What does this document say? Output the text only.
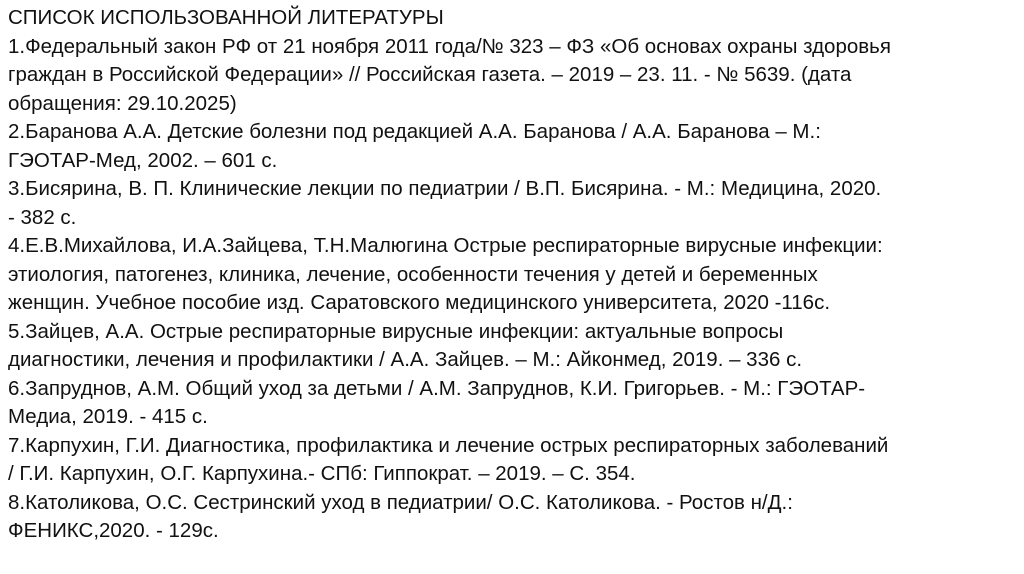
СПИСОК ИСПОЛЬЗОВАННОЙ ЛИТЕРАТУРЫ
1.Федеральный закон РФ от 21 ноября 2011 года/№ 323 – ФЗ «Об основах охраны здоровья
граждан в Российской Федерации» // Российская газета. – 2019 – 23. 11. - № 5639. (дата
обращения: 29.10.2025)
2.Баранова А.А. Детские болезни под редакцией А.А. Баранова / А.А. Баранова – М.:
ГЭОТАР-Мед, 2002. – 601 с.
3.Бисярина, В. П. Клинические лекции по педиатрии / В.П. Бисярина. - М.: Медицина, 2020.
- 382 с.
4.Е.В.Михайлова, И.А.Зайцева, Т.Н.Малюгина Острые респираторные вирусные инфекции:
этиология, патогенез, клиника, лечение, особенности течения у детей и беременных
женщин. Учебное пособие изд. Саратовского медицинского университета, 2020 -116с.
5.Зайцев, А.А. Острые респираторные вирусные инфекции: актуальные вопросы
диагностики, лечения и профилактики / А.А. Зайцев. – М.: Айконмед, 2019. – 336 с.
6.Запруднов, А.М. Общий уход за детьми / А.М. Запруднов, К.И. Григорьев. - М.: ГЭОТАР-
Медиа, 2019. - 415 с.
7.Карпухин, Г.И. Диагностика, профилактика и лечение острых респираторных заболеваний
/ Г.И. Карпухин, О.Г. Карпухина.- СПб: Гиппократ. – 2019. – С. 354.
8.Католикова, О.С. Сестринский уход в педиатрии/ О.С. Католикова. - Ростов н/Д.:
ФЕНИКС,2020. - 129с.
